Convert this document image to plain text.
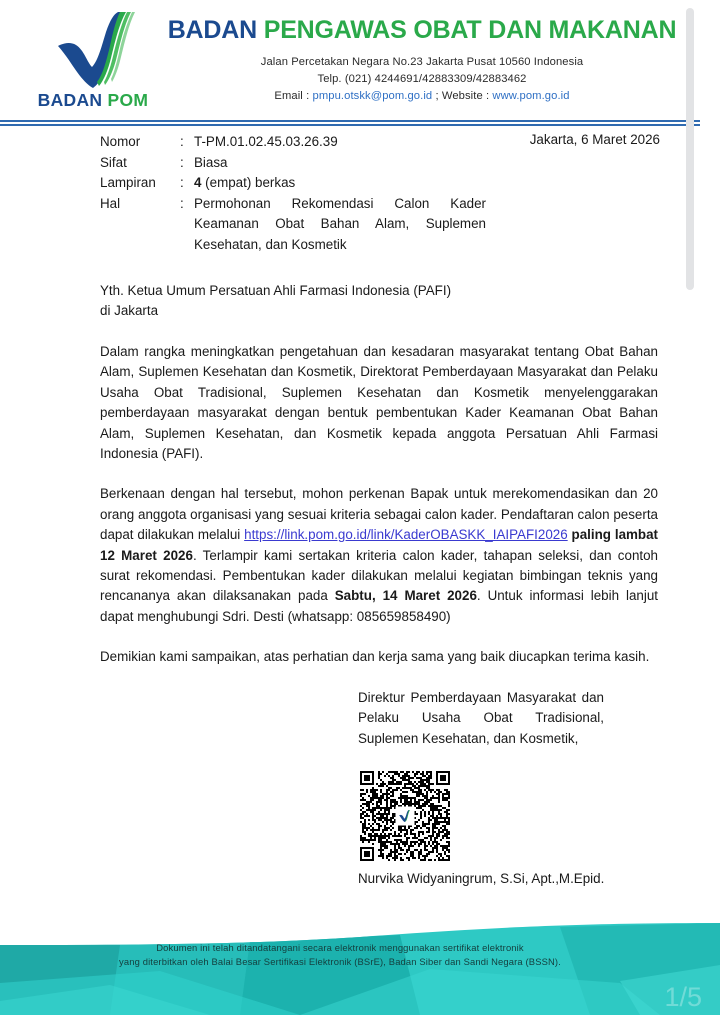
BADAN POM
BADAN PENGAWAS OBAT DAN MAKANAN
Jalan Percetakan Negara No.23 Jakarta Pusat 10560 Indonesia
Telp. (021) 4244691/42883309/42883462
Email : pmpu.otskk@pom.go.id ; Website : www.pom.go.id
Jakarta, 6 Maret 2026
Nomor	: T-PM.01.02.45.03.26.39
Sifat	: Biasa
Lampiran	: 4 (empat) berkas
Hal	: Permohonan Rekomendasi Calon Kader Keamanan Obat Bahan Alam, Suplemen Kesehatan, dan Kosmetik
Yth. Ketua Umum Persatuan Ahli Farmasi Indonesia (PAFI)
di Jakarta
Dalam rangka meningkatkan pengetahuan dan kesadaran masyarakat tentang Obat Bahan Alam, Suplemen Kesehatan dan Kosmetik, Direktorat Pemberdayaan Masyarakat dan Pelaku Usaha Obat Tradisional, Suplemen Kesehatan dan Kosmetik menyelenggarakan pemberdayaan masyarakat dengan bentuk pembentukan Kader Keamanan Obat Bahan Alam, Suplemen Kesehatan, dan Kosmetik kepada anggota Persatuan Ahli Farmasi Indonesia (PAFI).
Berkenaan dengan hal tersebut, mohon perkenan Bapak untuk merekomendasikan dan 20 orang anggota organisasi yang sesuai kriteria sebagai calon kader. Pendaftaran calon peserta dapat dilakukan melalui https://link.pom.go.id/link/KaderOBASKK_IAIPAFI2026 paling lambat 12 Maret 2026. Terlampir kami sertakan kriteria calon kader, tahapan seleksi, dan contoh surat rekomendasi. Pembentukan kader dilakukan melalui kegiatan bimbingan teknis yang rencananya akan dilaksanakan pada Sabtu, 14 Maret 2026. Untuk informasi lebih lanjut dapat menghubungi Sdri. Desti (whatsapp: 085659858490)
Demikian kami sampaikan, atas perhatian dan kerja sama yang baik diucapkan terima kasih.
Direktur Pemberdayaan Masyarakat dan Pelaku Usaha Obat Tradisional, Suplemen Kesehatan, dan Kosmetik,
Nurvika Widyaningrum, S.Si, Apt.,M.Epid.
Dokumen ini telah ditandatangani secara elektronik menggunakan sertifikat elektronik
yang diterbitkan oleh Balai Besar Sertifikasi Elektronik (BSrE), Badan Siber dan Sandi Negara (BSSN).
1/5
